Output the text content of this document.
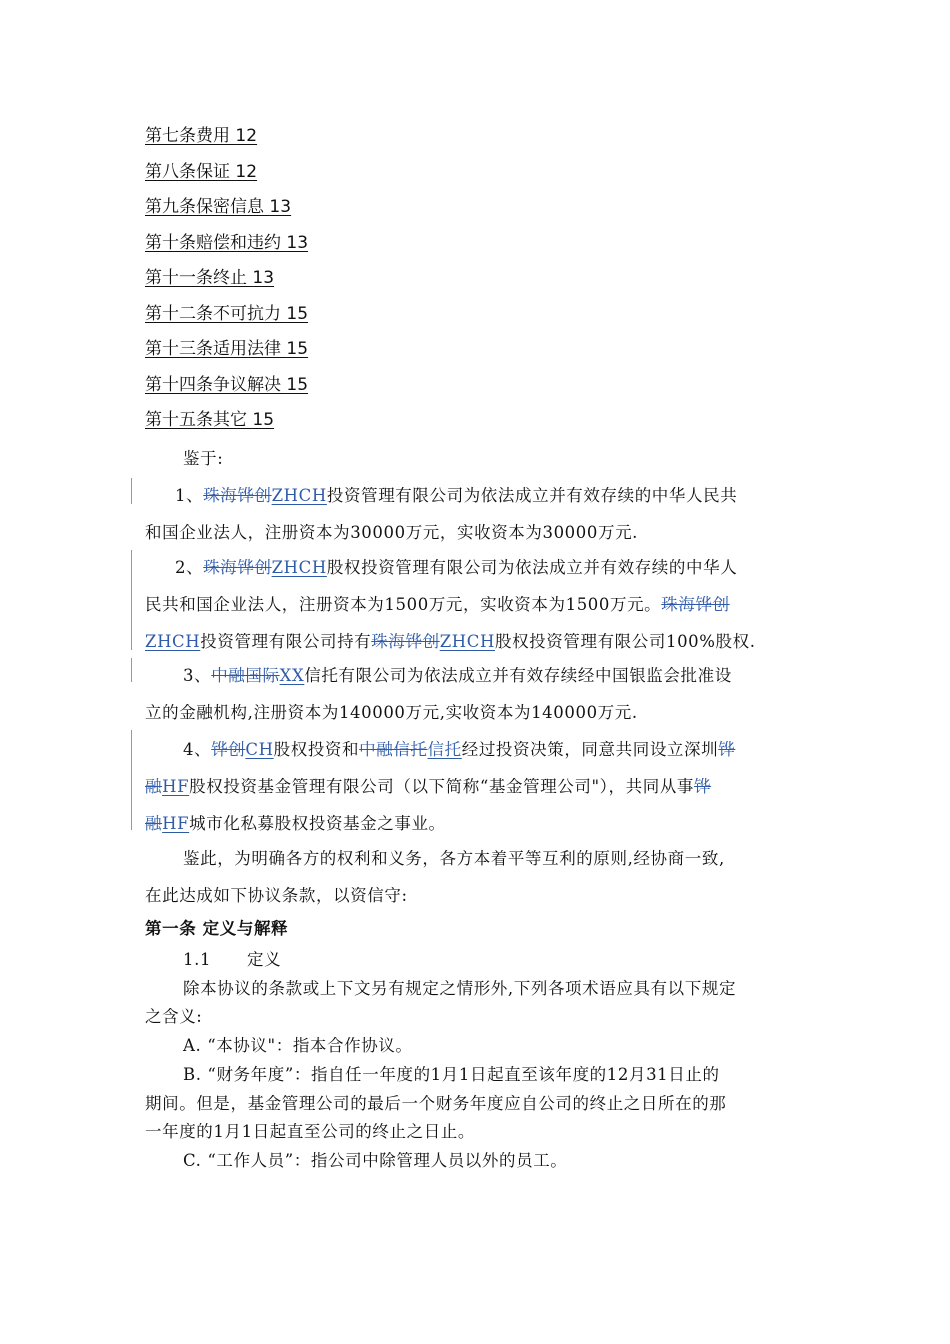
第七条费用 12
第八条保证 12
第九条保密信息 13
第十条赔偿和违约 13
第十一条终止 13
第十二条不可抗力 15
第十三条适用法律 15
第十四条争议解决 15
第十五条其它 15
鉴于:
1、珠海铧创ZHCH投资管理有限公司为依法成立并有效存续的中华人民共
和国企业法人，注册资本为30000万元，实收资本为30000万元.
2、珠海铧创ZHCH股权投资管理有限公司为依法成立并有效存续的中华人
民共和国企业法人，注册资本为1500万元，实收资本为1500万元。珠海铧创
ZHCH投资管理有限公司持有珠海铧创ZHCH股权投资管理有限公司100%股权.
3、中融国际XX信托有限公司为依法成立并有效存续经中国银监会批准设
立的金融机构,注册资本为140000万元,实收资本为140000万元.
4、铧创CH股权投资和中融信托信托经过投资决策，同意共同设立深圳铧
融HF股权投资基金管理有限公司（以下简称“基金管理公司"），共同从事铧
融HF城市化私募股权投资基金之事业。
鉴此，为明确各方的权利和义务，各方本着平等互利的原则,经协商一致,
在此达成如下协议条款，以资信守:
第一条 定义与解释
1.1 定义
除本协议的条款或上下文另有规定之情形外,下列各项术语应具有以下规定
之含义:
A. “本协议"：指本合作协议。
B. “财务年度”：指自任一年度的1月1日起直至该年度的12月31日止的
期间。但是，基金管理公司的最后一个财务年度应自公司的终止之日所在的那
一年度的1月1日起直至公司的终止之日止。
C. “工作人员”：指公司中除管理人员以外的员工。
